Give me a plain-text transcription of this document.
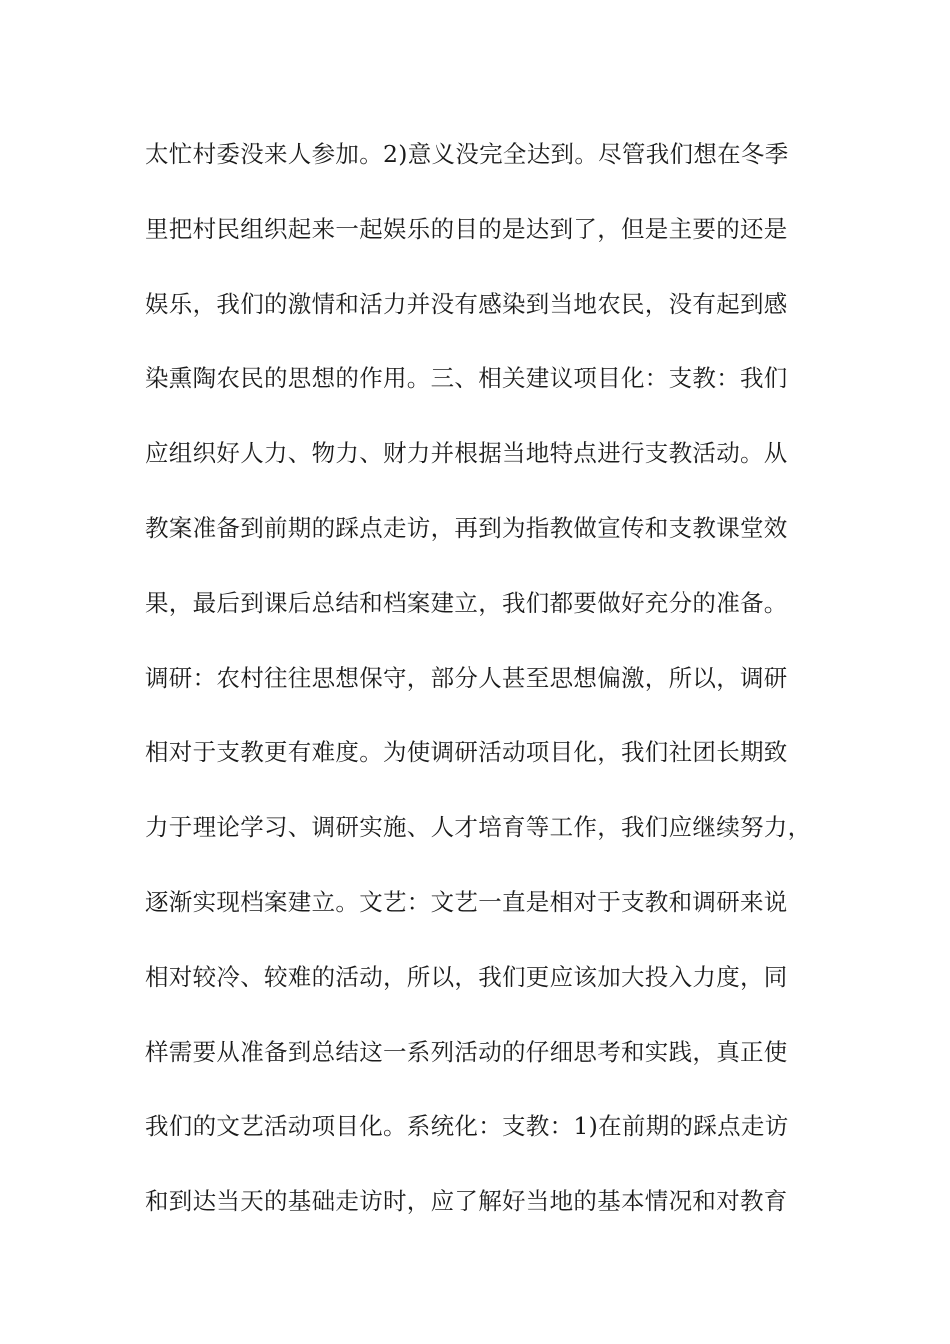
太忙村委没来人参加。2)意义没完全达到。尽管我们想在冬季
里把村民组织起来一起娱乐的目的是达到了，但是主要的还是
娱乐，我们的激情和活力并没有感染到当地农民，没有起到感
染熏陶农民的思想的作用。三、相关建议项目化：支教：我们
应组织好人力、物力、财力并根据当地特点进行支教活动。从
教案准备到前期的踩点走访，再到为指教做宣传和支教课堂效
果，最后到课后总结和档案建立，我们都要做好充分的准备。
调研：农村往往思想保守，部分人甚至思想偏激，所以，调研
相对于支教更有难度。为使调研活动项目化，我们社团长期致
力于理论学习、调研实施、人才培育等工作，我们应继续努力，
逐渐实现档案建立。文艺：文艺一直是相对于支教和调研来说
相对较冷、较难的活动，所以，我们更应该加大投入力度，同
样需要从准备到总结这一系列活动的仔细思考和实践，真正使
我们的文艺活动项目化。系统化：支教：1)在前期的踩点走访
和到达当天的基础走访时，应了解好当地的基本情况和对教育
